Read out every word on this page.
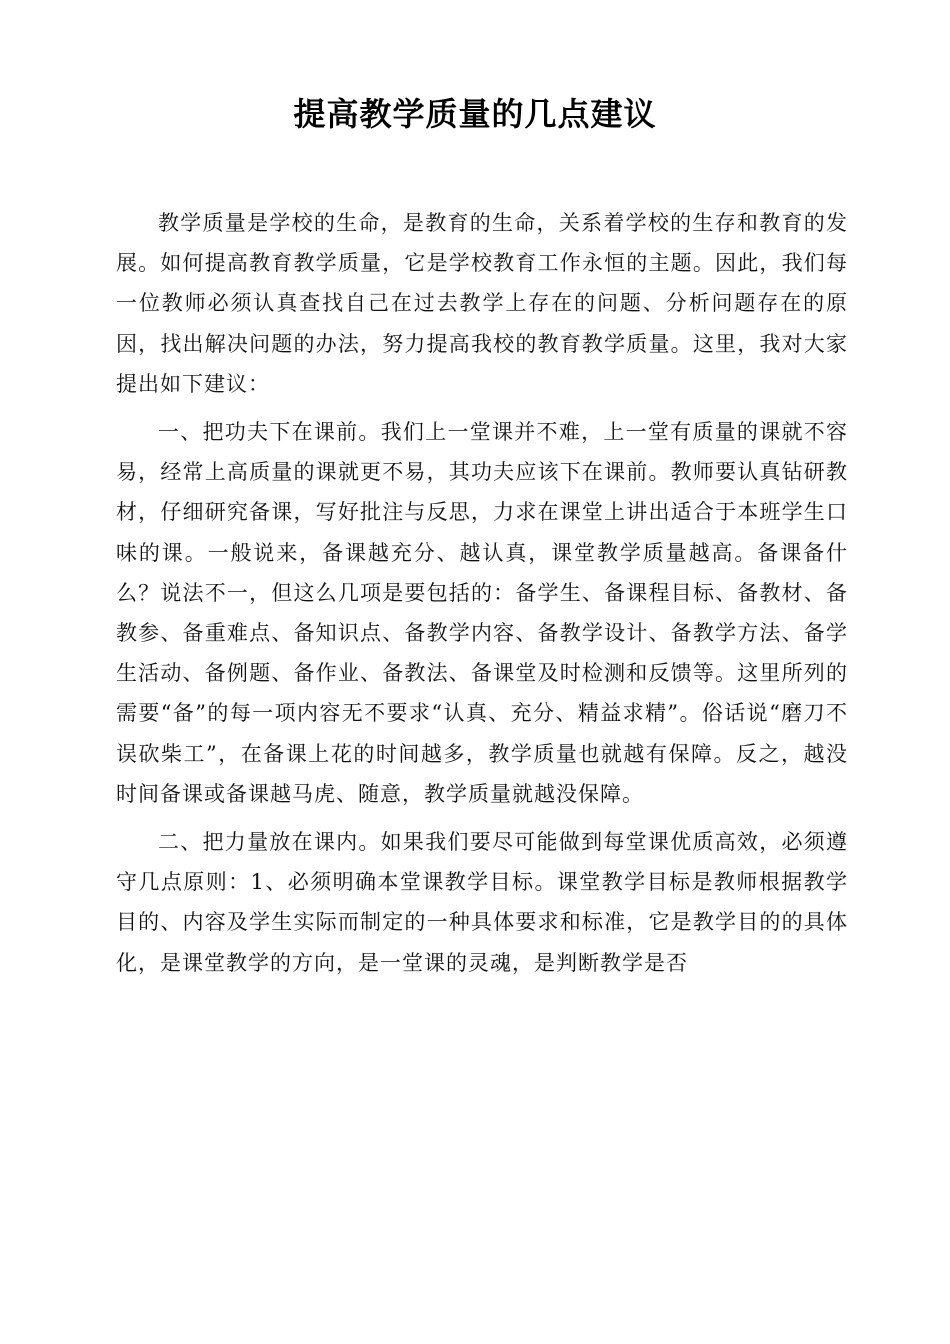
提高教学质量的几点建议

教学质量是学校的生命，是教育的生命，关系着学校的生存和教育的发展。如何提高教育教学质量，它是学校教育工作永恒的主题。因此，我们每一位教师必须认真查找自己在过去教学上存在的问题、分析问题存在的原因，找出解决问题的办法，努力提高我校的教育教学质量。这里，我对大家提出如下建议：

一、把功夫下在课前。我们上一堂课并不难，上一堂有质量的课就不容易，经常上高质量的课就更不易，其功夫应该下在课前。教师要认真钻研教材，仔细研究备课，写好批注与反思，力求在课堂上讲出适合于本班学生口味的课。一般说来，备课越充分、越认真，课堂教学质量越高。备课备什么？说法不一，但这么几项是要包括的：备学生、备课程目标、备教材、备教参、备重难点、备知识点、备教学内容、备教学设计、备教学方法、备学生活动、备例题、备作业、备教法、备课堂及时检测和反馈等。这里所列的需要“备”的每一项内容无不要求“认真、充分、精益求精”。俗话说“磨刀不误砍柴工”，在备课上花的时间越多，教学质量也就越有保障。反之，越没时间备课或备课越马虎、随意，教学质量就越没保障。

二、把力量放在课内。如果我们要尽可能做到每堂课优质高效，必须遵守几点原则：1、必须明确本堂课教学目标。课堂教学目标是教师根据教学目的、内容及学生实际而制定的一种具体要求和标准，它是教学目的的具体化，是课堂教学的方向，是一堂课的灵魂，是判断教学是否
